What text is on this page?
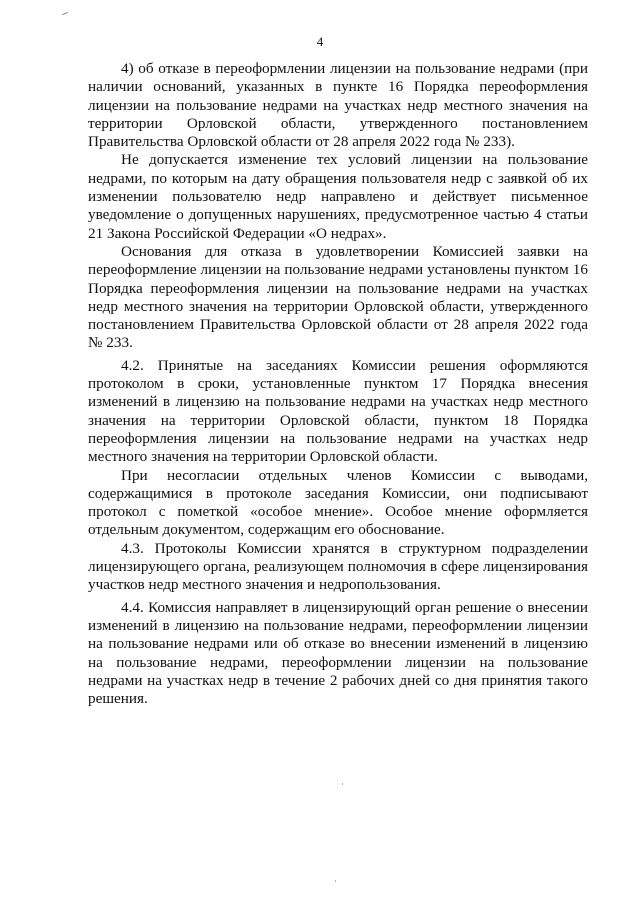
4

4) об отказе в переоформлении лицензии на пользование недрами (при наличии оснований, указанных в пункте 16 Порядка переоформления лицензии на пользование недрами на участках недр местного значения на территории Орловской области, утвержденного постановлением Правительства Орловской области от 28 апреля 2022 года № 233).

Не допускается изменение тех условий лицензии на пользование недрами, по которым на дату обращения пользователя недр с заявкой об их изменении пользователю недр направлено и действует письменное уведомление о допущенных нарушениях, предусмотренное частью 4 статьи 21 Закона Российской Федерации «О недрах».

Основания для отказа в удовлетворении Комиссией заявки на переоформление лицензии на пользование недрами установлены пунктом 16 Порядка переоформления лицензии на пользование недрами на участках недр местного значения на территории Орловской области, утвержденного постановлением Правительства Орловской области от 28 апреля 2022 года № 233.

4.2. Принятые на заседаниях Комиссии решения оформляются протоколом в сроки, установленные пунктом 17 Порядка внесения изменений в лицензию на пользование недрами на участках недр местного значения на территории Орловской области, пунктом 18 Порядка переоформления лицензии на пользование недрами на участках недр местного значения на территории Орловской области.

При несогласии отдельных членов Комиссии с выводами, содержащимися в протоколе заседания Комиссии, они подписывают протокол с пометкой «особое мнение». Особое мнение оформляется отдельным документом, содержащим его обоснование.

4.3. Протоколы Комиссии хранятся в структурном подразделении лицензирующего органа, реализующем полномочия в сфере лицензирования участков недр местного значения и недропользования.

4.4. Комиссия направляет в лицензирующий орган решение о внесении изменений в лицензию на пользование недрами, переоформлении лицензии на пользование недрами или об отказе во внесении изменений в лицензию на пользование недрами, переоформлении лицензии на пользование недрами на участках недр в течение 2 рабочих дней со дня принятия такого решения.
